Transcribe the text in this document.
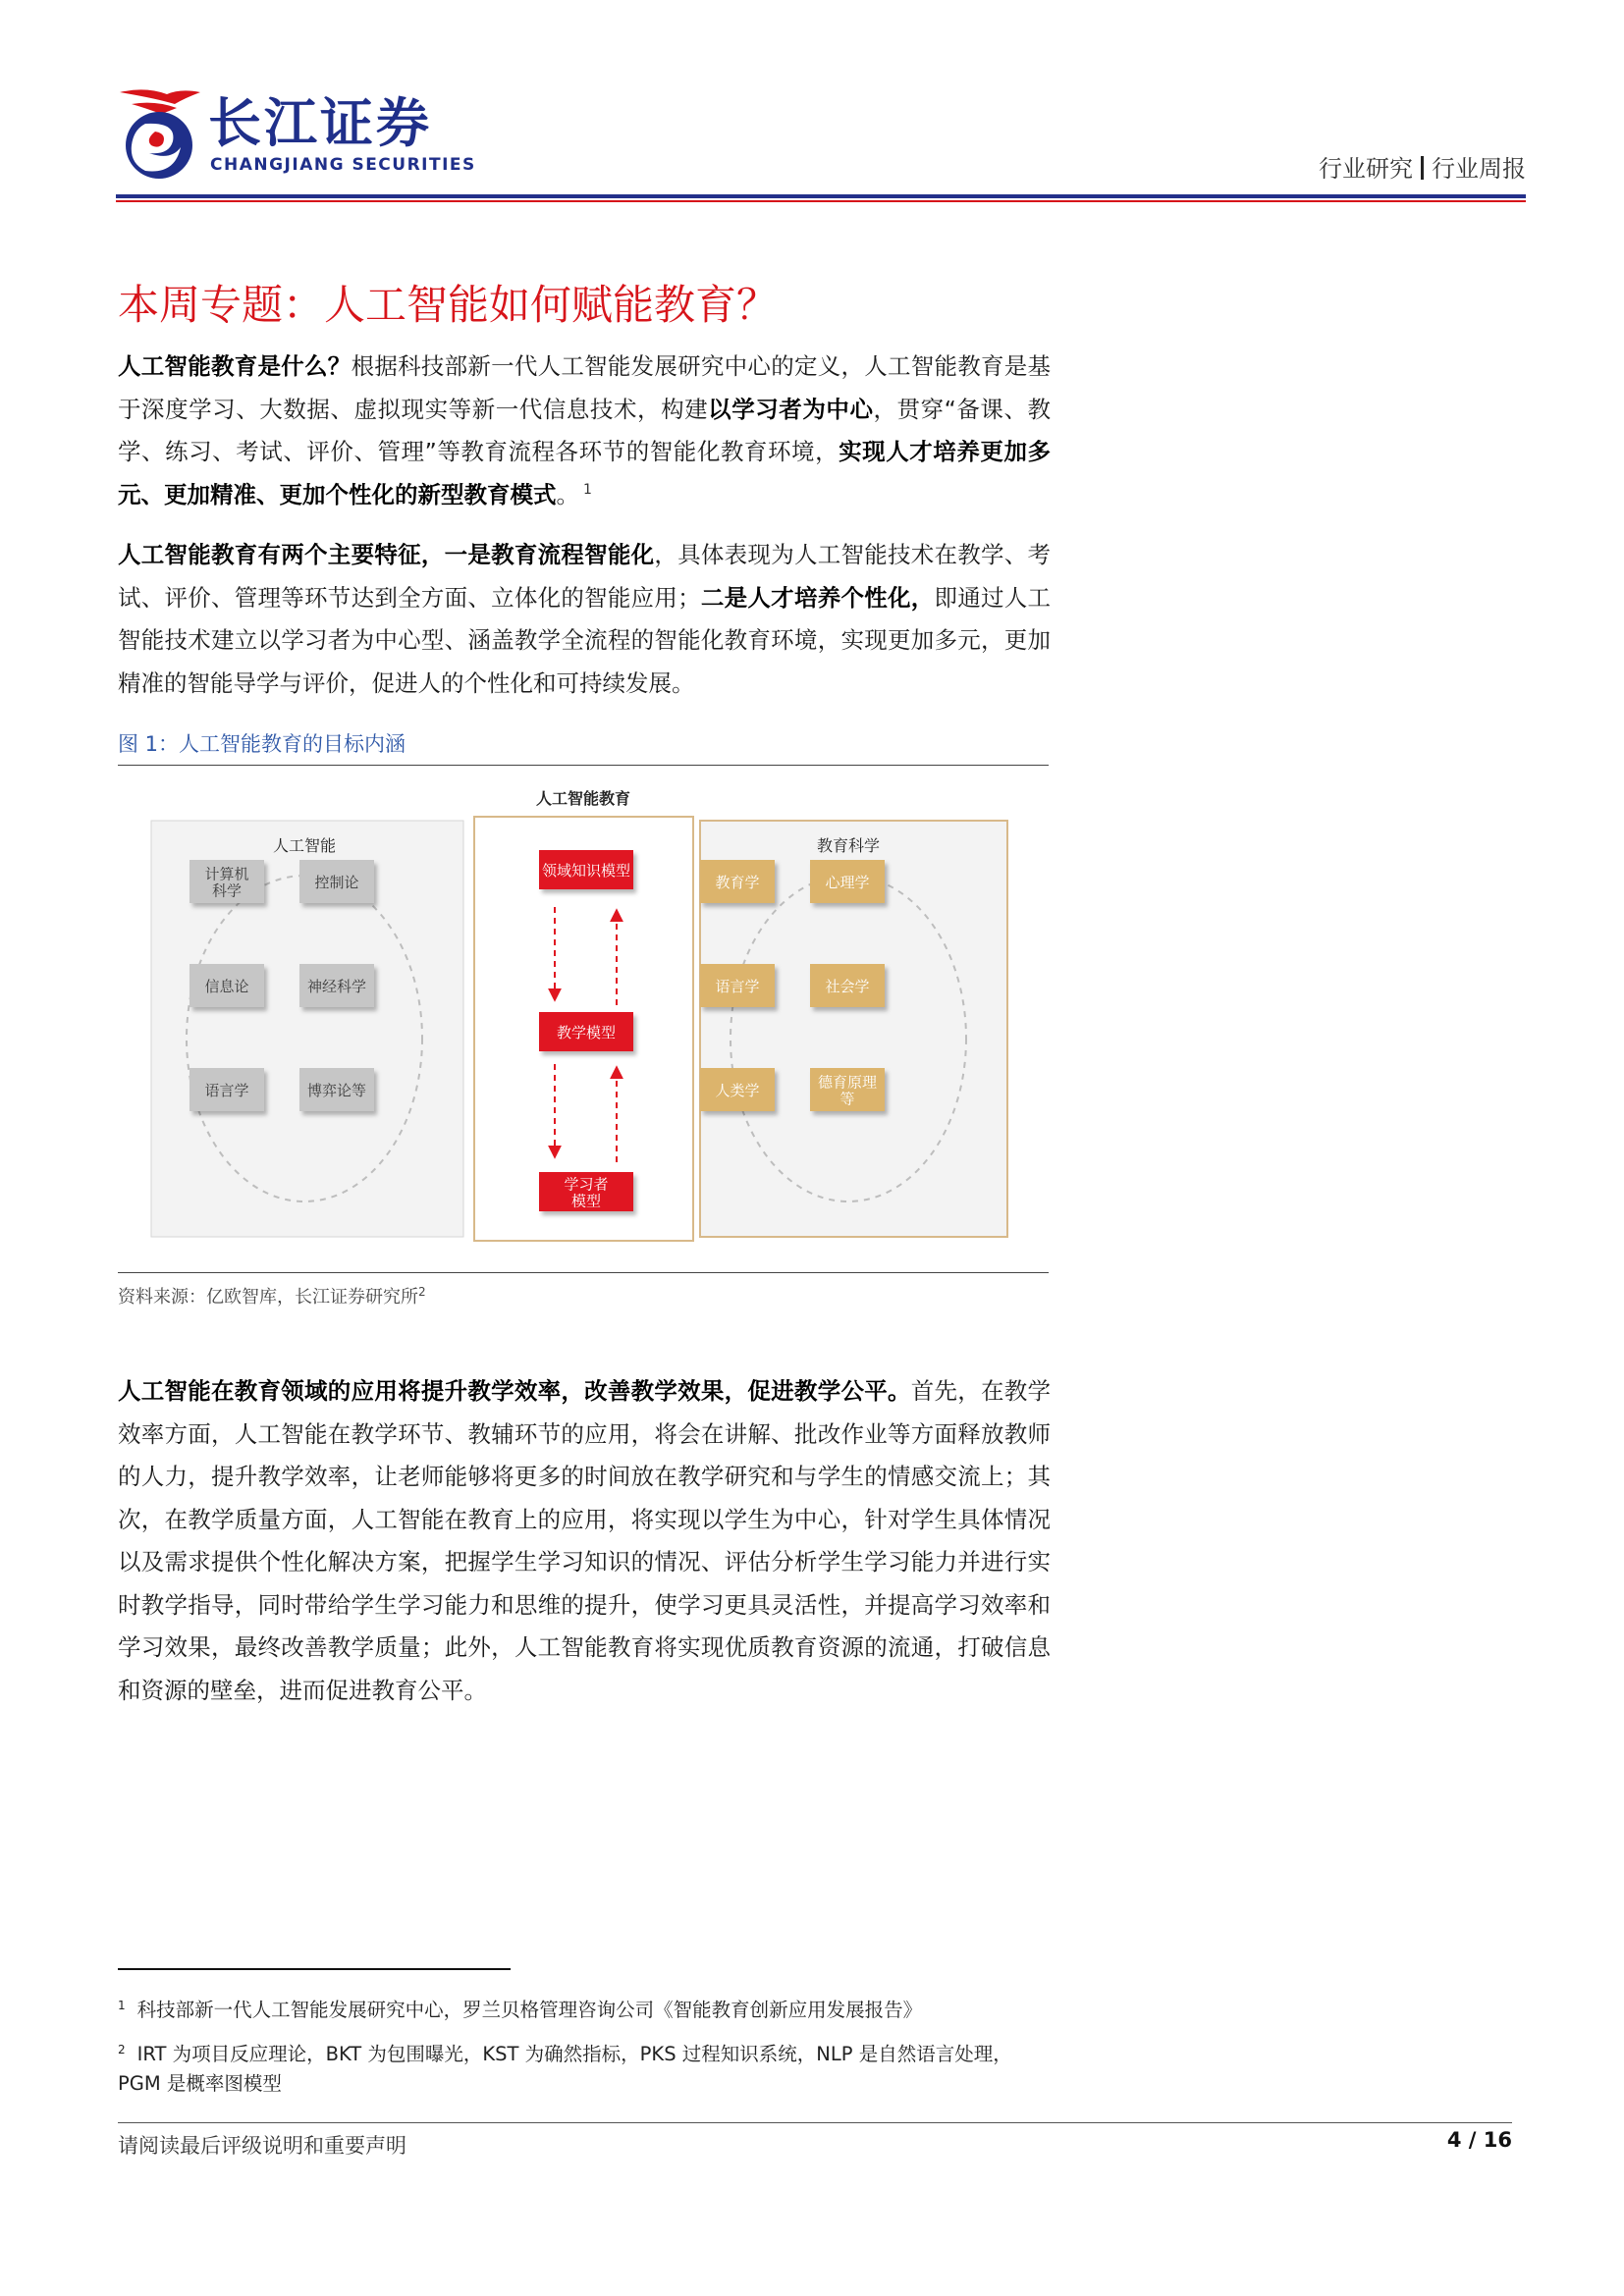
长江证券
CHANGJIANG SECURITIES	行业研究 行业周报
本周专题：人工智能如何赋能教育？
人工智能教育是什么？根据科技部新一代人工智能发展研究中心的定义，人工智能教育是基于深度学习、大数据、虚拟现实等新一代信息技术，构建以学习者为中心，贯穿“备课、教学、练习、考试、评价、管理”等教育流程各环节的智能化教育环境，实现人才培养更加多元、更加精准、更加个性化的新型教育模式。 $^1$
人工智能教育有两个主要特征，一是教育流程智能化，具体表现为人工智能技术在教学、考试、评价、管理等环节达到全方面、立体化的智能应用；二是人才培养个性化，即通过人工智能技术建立以学习者为中心型、涵盖教学全流程的智能化教育环境，实现更加多元，更加精准的智能导学与评价，促进人的个性化和可持续发展。
图 1：人工智能教育的目标内涵
人工智能教育
人工智能	教育科学
计算机
科学	教育学
控制论	心理学
信息论	语言学
神经科学	社会学
语言学	人类学
博弈论等	德育原理
等
领域知识模型
教学模型
学习者
模型
资料来源：亿欧智库，长江证券研究所$^2$
人工智能在教育领域的应用将提升教学效率，改善教学效果，促进教学公平。首先，在教学效率方面，人工智能在教学环节、教辅环节的应用，将会在讲解、批改作业等方面释放教师的人力，提升教学效率，让老师能够将更多的时间放在教学研究和与学生的情感交流上；其次，在教学质量方面，人工智能在教育上的应用，将实现以学生为中心，针对学生具体情况以及需求提供个性化解决方案，把握学生学习知识的情况、评估分析学生学习能力并进行实时教学指导，同时带给学生学习能力和思维的提升，使学习更具灵活性，并提高学习效率和学习效果，最终改善教学质量；此外，人工智能教育将实现优质教育资源的流通，打破信息和资源的壁垒，进而促进教育公平。
$^1$ 科技部新一代人工智能发展研究中心，罗兰贝格管理咨询公司《智能教育创新应用发展报告》
$^2$ IRT 为项目反应理论，BKT 为包围曝光，KST 为确然指标，PKS 过程知识系统，NLP 是自然语言处理，PGM 是概率图模型
请阅读最后评级说明和重要声明	4 / 16
